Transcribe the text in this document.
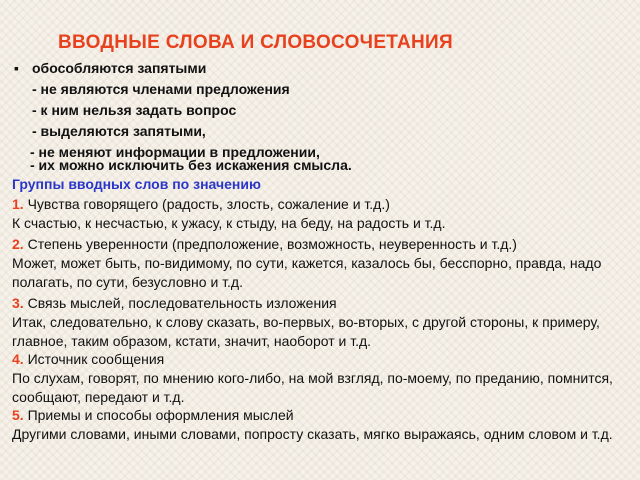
ВВОДНЫЕ СЛОВА И СЛОВОСОЧЕТАНИЯ
▪ обособляются запятыми
- не являются членами предложения
- к ним нельзя задать вопрос
- выделяются запятыми,
- не меняют информации в предложении,
- их можно исключить без искажения смысла.
Группы вводных слов по значению
1. Чувства говорящего (радость, злость, сожаление и т.д.)
К счастью, к несчастью, к ужасу, к стыду, на беду, на радость и т.д.
2. Степень уверенности (предположение, возможность, неуверенность и т.д.)
Может, может быть, по-видимому, по сути, кажется, казалось бы, бесспорно, правда, надо полагать, по сути, безусловно и т.д.
3. Связь мыслей, последовательность изложения
Итак, следовательно, к слову сказать, во-первых, во-вторых, с другой стороны, к примеру, главное, таким образом, кстати, значит, наоборот и т.д.
4. Источник сообщения
По слухам, говорят, по мнению кого-либо, на мой взгляд, по-моему, по преданию, помнится, сообщают, передают и т.д.
5. Приемы и способы оформления мыслей
Другими словами, иными словами, попросту сказать, мягко выражаясь, одним словом и т.д.
